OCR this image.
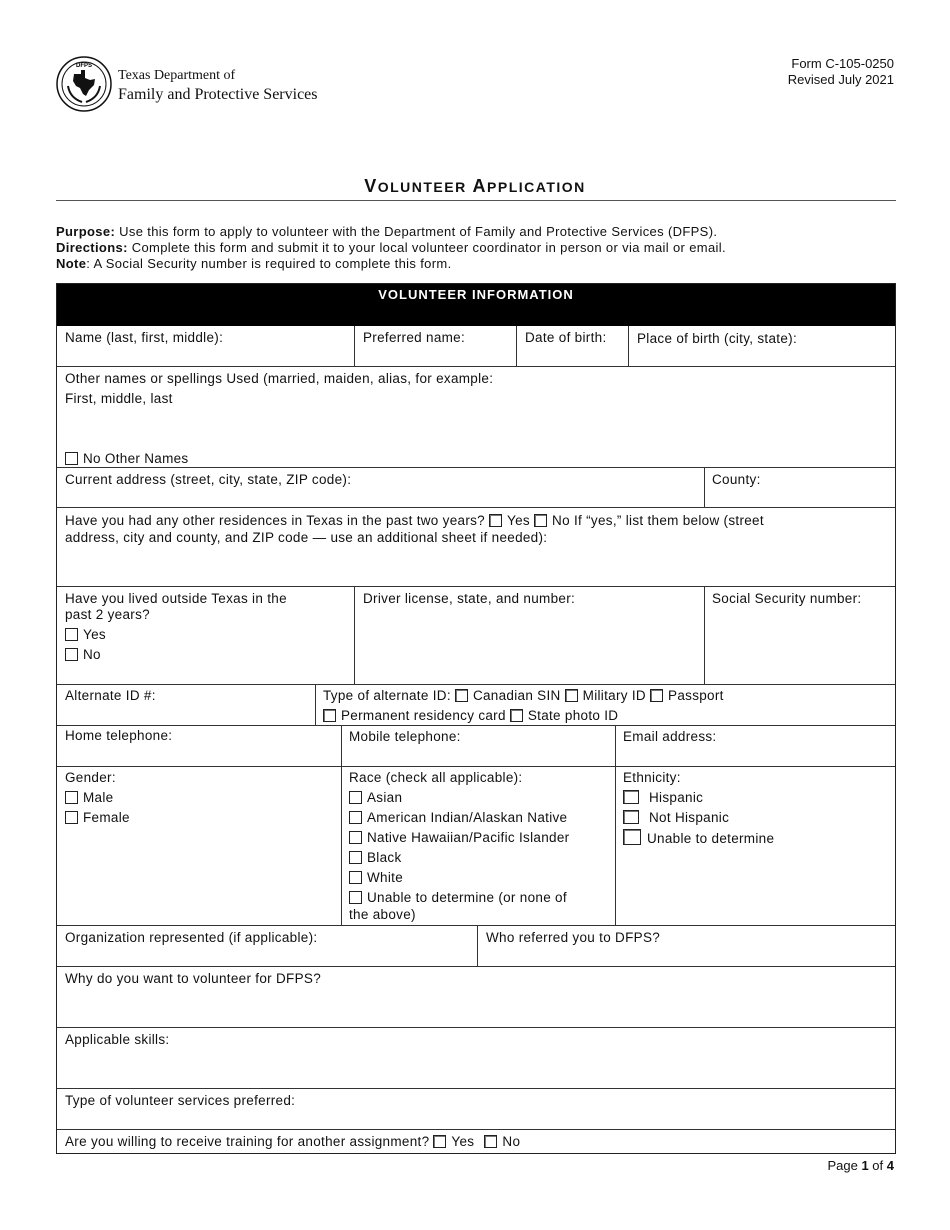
DFPS
Texas Department of
Family and Protective Services
Form C-105-0250
Revised July 2021
VOLUNTEER APPLICATION
Purpose: Use this form to apply to volunteer with the Department of Family and Protective Services (DFPS).
Directions: Complete this form and submit it to your local volunteer coordinator in person or via mail or email.
Note: A Social Security number is required to complete this form.
VOLUNTEER INFORMATION
Name (last, first, middle):	Preferred name:	Date of birth: Place of birth (city, state):
Other names or spellings Used (married, maiden, alias, for example:
First, middle, last
No Other Names
Current address (street, city, state, ZIP code):	County:
Have you had any other residences in Texas in the past two years? Yes No If “yes,” list them below (street
address, city and county, and ZIP code — use an additional sheet if needed):
Have you lived outside Texas in the
past 2 years?
Yes
No
Driver license, state, and number:	Social Security number:
Alternate ID #:	Type of alternate ID: Canadian SIN Military ID Passport
Permanent residency card State photo ID
Home telephone:	Mobile telephone:	Email address:
Gender:
Male
Female
Race (check all applicable):
Asian
American Indian/Alaskan Native
Native Hawaiian/Pacific Islander
Black
White
Unable to determine (or none of
the above)
Ethnicity:
Hispanic
Not Hispanic
Unable to determine
Organization represented (if applicable):	Who referred you to DFPS?
Why do you want to volunteer for DFPS?
Applicable skills:
Type of volunteer services preferred:
Are you willing to receive training for another assignment? Yes No
Page 1 of 4
